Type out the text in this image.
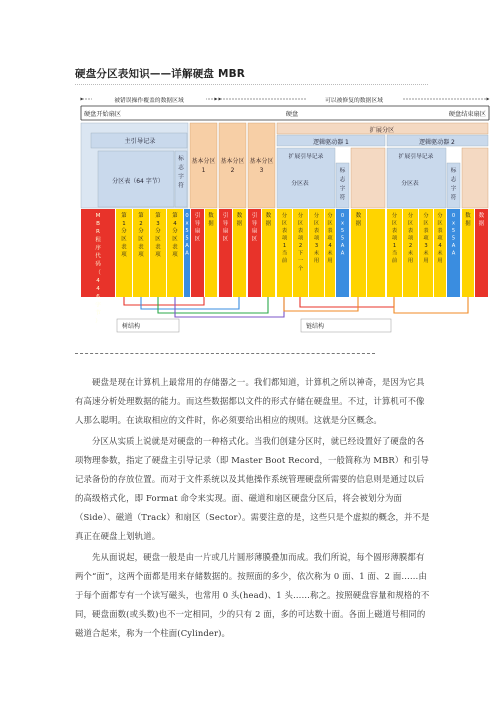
硬盘分区表知识——详解硬盘 MBR
被错误操作覆盖的数据区域	可以被修复的数据区域
硬盘开始扇区	硬盘	硬盘结束扇区
主引导记录
分区表（64 字节）
标
志
字
符
基本分区 1
基本分区 2
基本分区 3
扩展分区
逻辑驱动器 1	逻辑驱动器 2
扩展引导记录
分区表
标
志
字
符
扩展引导记录
分区表
标
志
字
符
M B R 程序代码（ 4 4 6 字节）
第 1 分区表项
第 2 分区表项
第 3 分区表项
第 4 分区表项
0 x 5 5 A A
引导扇区
数据
引导扇区
数据
引导扇区
数据
分区表项 1 当前
分区表项 2 下一个
分区表项 3 未用
分区表项 4 未用
0 x 5 5 A A
数据
分区表项 1 当前
分区表项 2 未用
分区表项 3 未用
分区表项 4 未用
0 x 5 5 A A
数据
数据
树结构	链结构

硬盘是现在计算机上最常用的存储器之一。我们都知道，计算机之所以神奇，是因为它具有高速分析处理数据的能力。而这些数据都以文件的形式存储在硬盘里。不过，计算机可不像人那么聪明。在读取相应的文件时，你必须要给出相应的规则。这就是分区概念。

分区从实质上说就是对硬盘的一种格式化。当我们创建分区时，就已经设置好了硬盘的各项物理参数，指定了硬盘主引导记录（即 Master Boot Record，一般简称为 MBR）和引导记录备份的存放位置。而对于文件系统以及其他操作系统管理硬盘所需要的信息则是通过以后的高级格式化，即 Format 命令来实现。面、磁道和扇区硬盘分区后，将会被划分为面（Side）、磁道（Track）和扇区（Sector）。需要注意的是，这些只是个虚拟的概念，并不是真正在硬盘上划轨道。

先从面说起，硬盘一般是由一片或几片圆形薄膜叠加而成。我们所说，每个圆形薄膜都有两个“面”，这两个面都是用来存储数据的。按照面的多少，依次称为 0 面、1 面、2 面……由于每个面都专有一个读写磁头，也常用 0 头(head)、1 头……称之。按照硬盘容量和规格的不同，硬盘面数(或头数)也不一定相同，少的只有 2 面，多的可达数十面。各面上磁道号相同的磁道合起来，称为一个柱面(Cylinder)。
